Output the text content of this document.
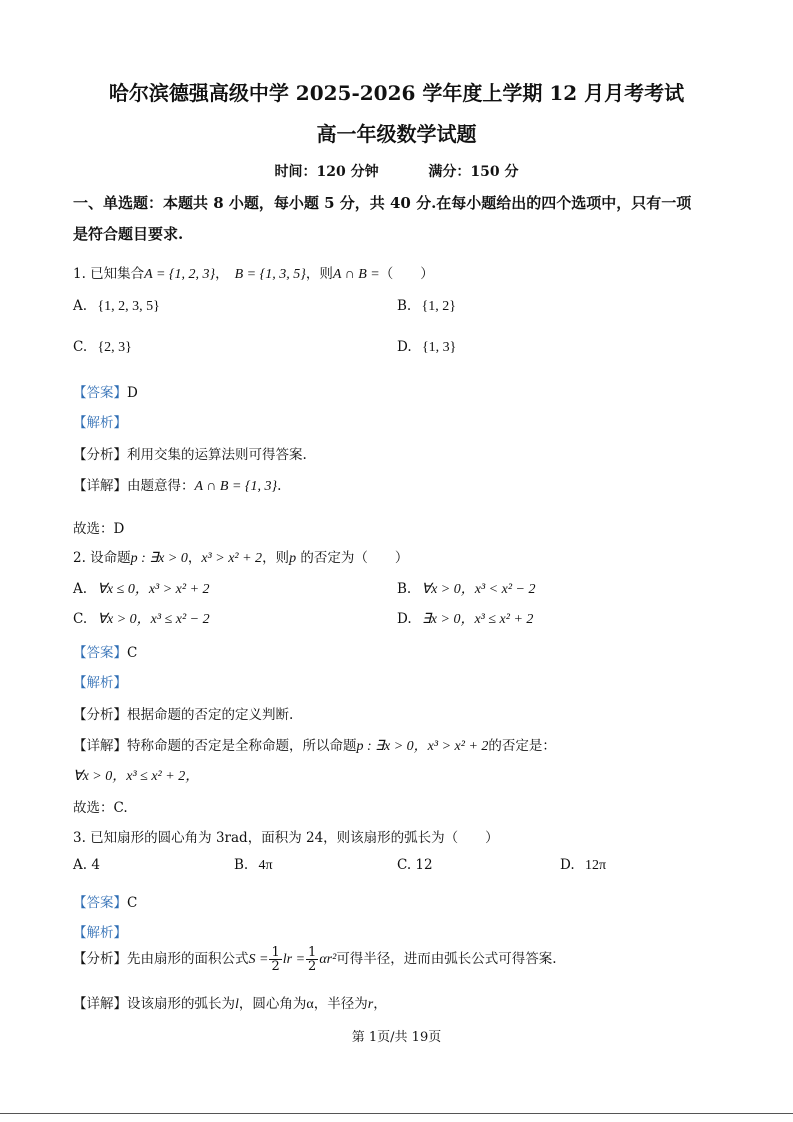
哈尔滨德强高级中学 2025-2026 学年度上学期 12 月月考考试
高一年级数学试题
时间：120 分钟	满分：150 分
一、单选题：本题共 8 小题，每小题 5 分，共 40 分.在每小题给出的四个选项中，只有一项
是符合题目要求.
1. 已知集合A = {1, 2, 3}， B = {1, 3, 5}，则A ∩ B =（　　）
A. {1, 2, 3, 5}	B. {1, 2}
C. {2, 3}	D. {1, 3}
【答案】D
【解析】
【分析】利用交集的运算法则可得答案.
【详解】由题意得：A ∩ B = {1, 3}.
故选：D
2. 设命题p : ∃x > 0，x³ > x² + 2，则p 的否定为（　　）
A. ∀x ≤ 0，x³ > x² + 2	B. ∀x > 0，x³ < x² − 2
C. ∀x > 0，x³ ≤ x² − 2	D. ∃x > 0，x³ ≤ x² + 2
【答案】C
【解析】
【分析】根据命题的否定的定义判断.
【详解】特称命题的否定是全称命题，所以命题p : ∃x > 0，x³ > x² + 2的否定是：
∀x > 0，x³ ≤ x² + 2，
故选：C.
3. 已知扇形的圆心角为 3rad，面积为 24，则该扇形的弧长为（　　）
A. 4	B. 4π	C. 12	D. 12π
【答案】C
【解析】
【分析】先由扇形的面积公式$S = \frac{1}{2}$ lr = $\frac{1}{2} \alpha r^2$可得半径，进而由弧长公式可得答案.
【详解】设该扇形的弧长为l，圆心角为α，半径为r，
第 1页/共 19页
